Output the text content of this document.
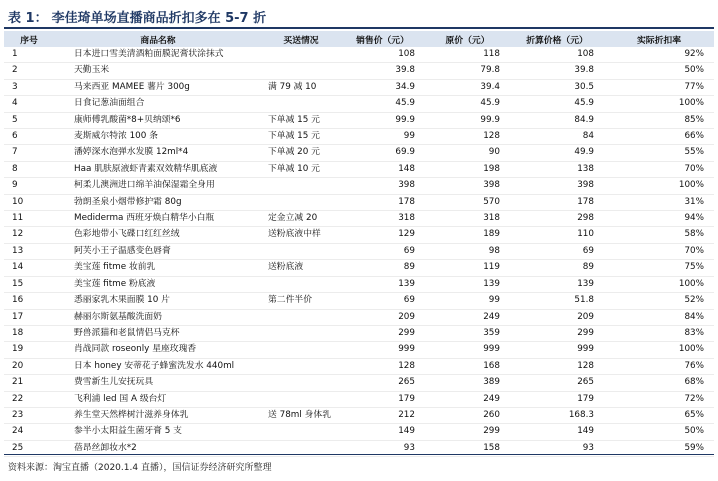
表 1： 李佳琦单场直播商品折扣多在 5-7 折
序号	商品名称	买送情况	销售价（元）	原价（元）	折算价格（元）	实际折扣率
1	日本进口雪美清酒粕面膜泥膏状涂抹式		108	118	108	92%
2	天勤玉米		39.8	79.8	39.8	50%
3	马来西亚 MAMEE 薯片 300g	满 79 减 10	34.9	39.4	30.5	77%
4	日食记葱油面组合		45.9	45.9	45.9	100%
5	康师傅乳酸菌*8+贝纳颂*6	下单减 15 元	99.9	99.9	84.9	85%
6	麦斯威尔特浓 100 条	下单减 15 元	99	128	84	66%
7	潘婷深水泡弹水发膜 12ml*4	下单减 20 元	69.9	90	49.9	55%
8	Haa 肌肤原液虾青素双效精华肌底液	下单减 10 元	148	198	138	70%
9	柯柔儿澳洲进口绵羊油保湿霜全身用		398	398	398	100%
10	勃朗圣泉小烟带修护霜 80g		178	570	178	31%
11	Mediderma 西班牙焕白精华小白瓶	定金立减 20	318	318	298	94%
12	色彩地带小飞碟口红红丝绒	送粉底液中样	129	189	110	58%
13	阿芙小王子温感变色唇膏		69	98	69	70%
14	美宝莲 fitme 妆前乳	送粉底液	89	119	89	75%
15	美宝莲 fitme 粉底液		139	139	139	100%
16	悉丽家乳木果面膜 10 片	第二件半价	69	99	51.8	52%
17	赫丽尔斯氨基酸洗面奶		209	249	209	84%
18	野兽派猫和老鼠情侣马克杯		299	359	299	83%
19	肖战同款 roseonly 星座玫瑰香		999	999	999	100%
20	日本 honey 安蒂花子蜂蜜洗发水 440ml		128	168	128	76%
21	费雪新生儿安抚玩具		265	389	265	68%
22	飞利浦 led 国 A 级台灯		179	249	179	72%
23	养生堂天然桦树汁滋养身体乳	送 78ml 身体乳	212	260	168.3	65%
24	参半小太阳益生菌牙膏 5 支		149	299	149	50%
25	蓓昂丝卸妆水*2		93	158	93	59%
资料来源：淘宝直播（2020.1.4 直播），国信证券经济研究所整理
